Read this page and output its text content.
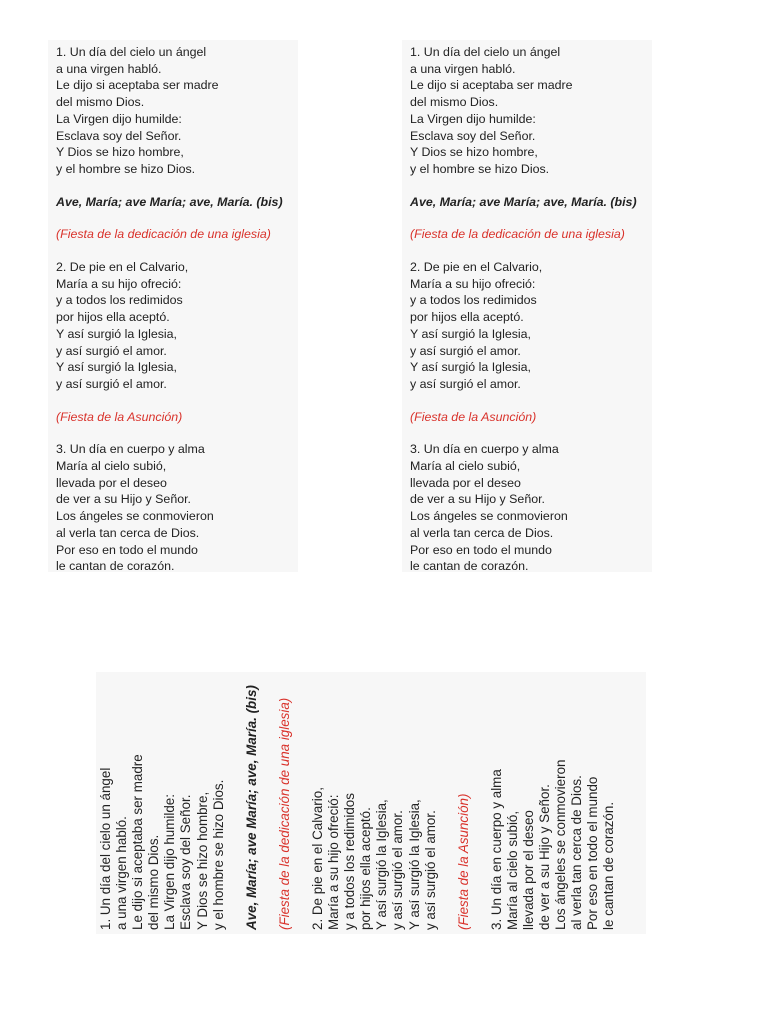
1. Un día del cielo un ángel
a una virgen habló.
Le dijo si aceptaba ser madre
del mismo Dios.
La Virgen dijo humilde:
Esclava soy del Señor.
Y Dios se hizo hombre,
y el hombre se hizo Dios.
Ave, María; ave María; ave, María. (bis)
(Fiesta de la dedicación de una iglesia)
2. De pie en el Calvario,
María a su hijo ofreció:
y a todos los redimidos
por hijos ella aceptó.
Y así surgió la Iglesia,
y así surgió el amor.
Y así surgió la Iglesia,
y así surgió el amor.
(Fiesta de la Asunción)
3. Un día en cuerpo y alma
María al cielo subió,
llevada por el deseo
de ver a su Hijo y Señor.
Los ángeles se conmovieron
al verla tan cerca de Dios.
Por eso en todo el mundo
le cantan de corazón.
1. Un día del cielo un ángel
a una virgen habló.
Le dijo si aceptaba ser madre
del mismo Dios.
La Virgen dijo humilde:
Esclava soy del Señor.
Y Dios se hizo hombre,
y el hombre se hizo Dios.
Ave, María; ave María; ave, María. (bis)
(Fiesta de la dedicación de una iglesia)
2. De pie en el Calvario,
María a su hijo ofreció:
y a todos los redimidos
por hijos ella aceptó.
Y así surgió la Iglesia,
y así surgió el amor.
Y así surgió la Iglesia,
y así surgió el amor.
(Fiesta de la Asunción)
3. Un día en cuerpo y alma
María al cielo subió,
llevada por el deseo
de ver a su Hijo y Señor.
Los ángeles se conmovieron
al verla tan cerca de Dios.
Por eso en todo el mundo
le cantan de corazón.
1. Un día del cielo un ángel a una virgen habló. Le dijo si aceptaba ser madre del mismo Dios. La Virgen dijo humilde: Esclava soy del Señor. Y Dios se hizo hombre, y el hombre se hizo Dios. Ave, María; ave María; ave, María. (bis) (Fiesta de la dedicación de una iglesia) 2. De pie en el Calvario, María a su hijo ofreció: y a todos los redimidos por hijos ella aceptó. Y así surgió la Iglesia, y así surgió el amor. Y así surgió la Iglesia, y así surgió el amor. (Fiesta de la Asunción) 3. Un día en cuerpo y alma María al cielo subió, llevada por el deseo de ver a su Hijo y Señor. Los ángeles se conmovieron al verla tan cerca de Dios. Por eso en todo el mundo le cantan de corazón.
